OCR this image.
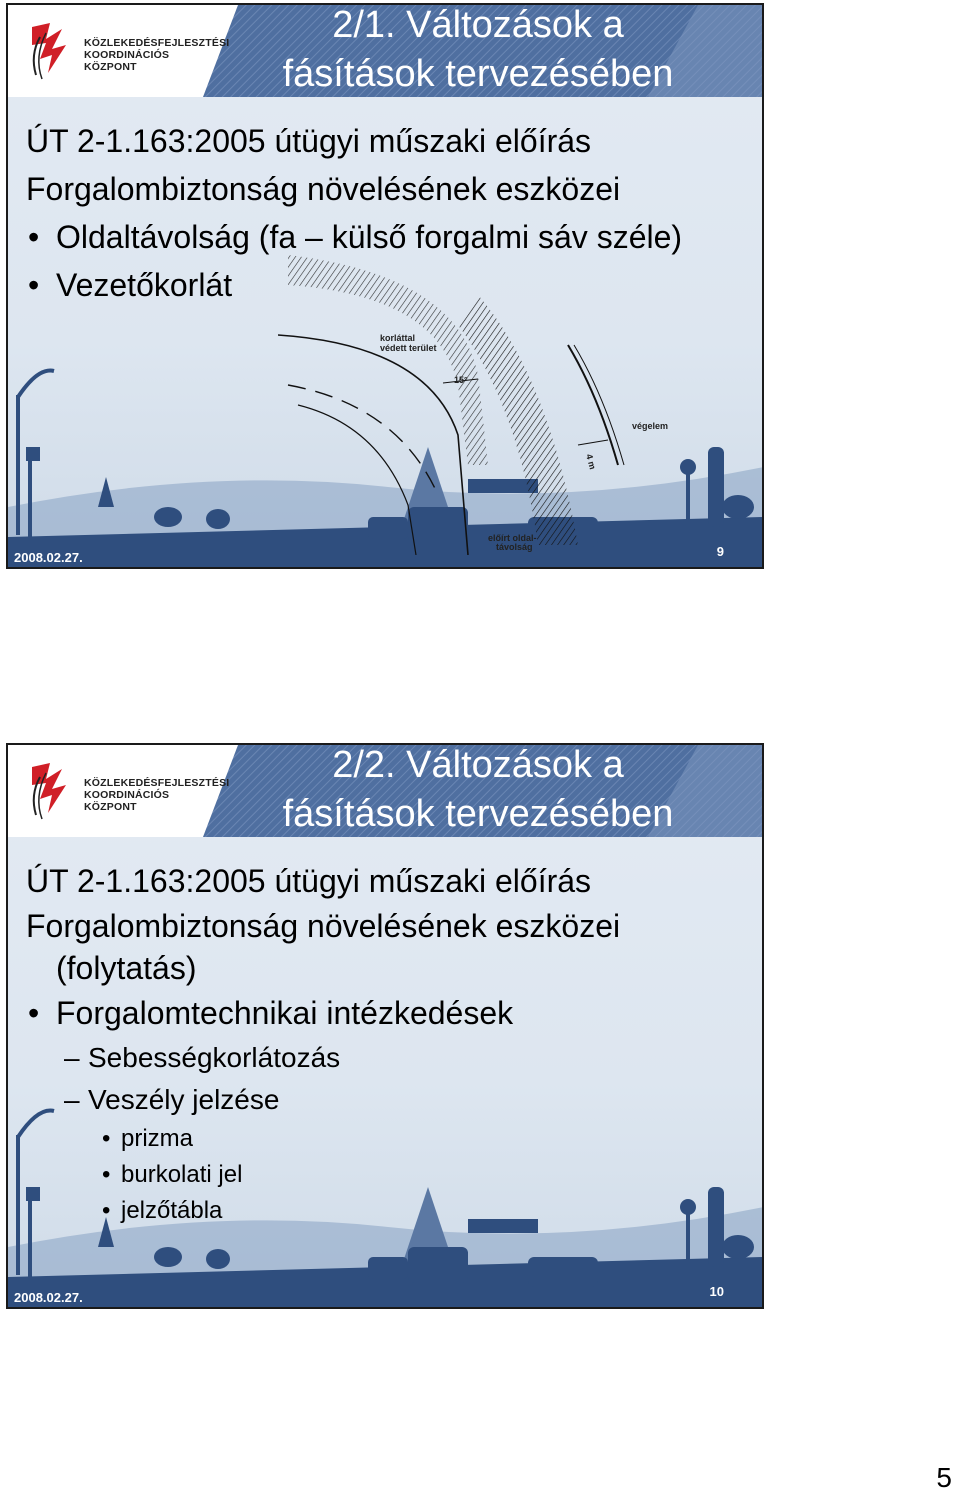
KÖZLEKEDÉSFEJLESZTÉSI
KOORDINÁCIÓS
KÖZPONT
2/1. Változások a
fásítások tervezésében
korláttal
védett terület
15°
végelem
4 m
előírt oldal-
távolság
ÚT 2-1.163:2005 útügyi műszaki előírás
Forgalombiztonság növelésének eszközei
• Oldaltávolság (fa – külső forgalmi sáv széle)
• Vezetőkorlát
2008.02.27.	9
KÖZLEKEDÉSFEJLESZTÉSI
KOORDINÁCIÓS
KÖZPONT
2/2. Változások a
fásítások tervezésében
ÚT 2-1.163:2005 útügyi műszaki előírás
Forgalombiztonság növelésének eszközei
(folytatás)
• Forgalomtechnikai intézkedések
– Sebességkorlátozás
– Veszély jelzése
• prizma
• burkolati jel
• jelzőtábla
2008.02.27.	10
5
